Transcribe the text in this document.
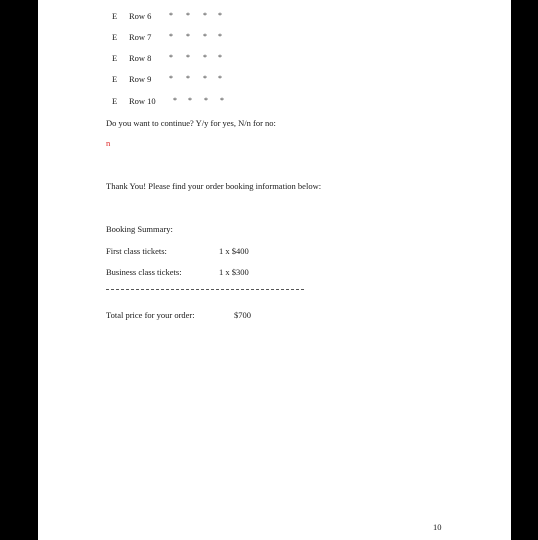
E Row 6 * * * *
E Row 7 * * * *
E Row 8 * * * *
E Row 9 * * * *
E Row 10 * * * *
Do you want to continue? Y/y for yes, N/n for no:
n
Thank You! Please find your order booking information below:
Booking Summary:
First class tickets:	1 x $400
Business class tickets:	1 x $300
Total price for your order:	$700
10
